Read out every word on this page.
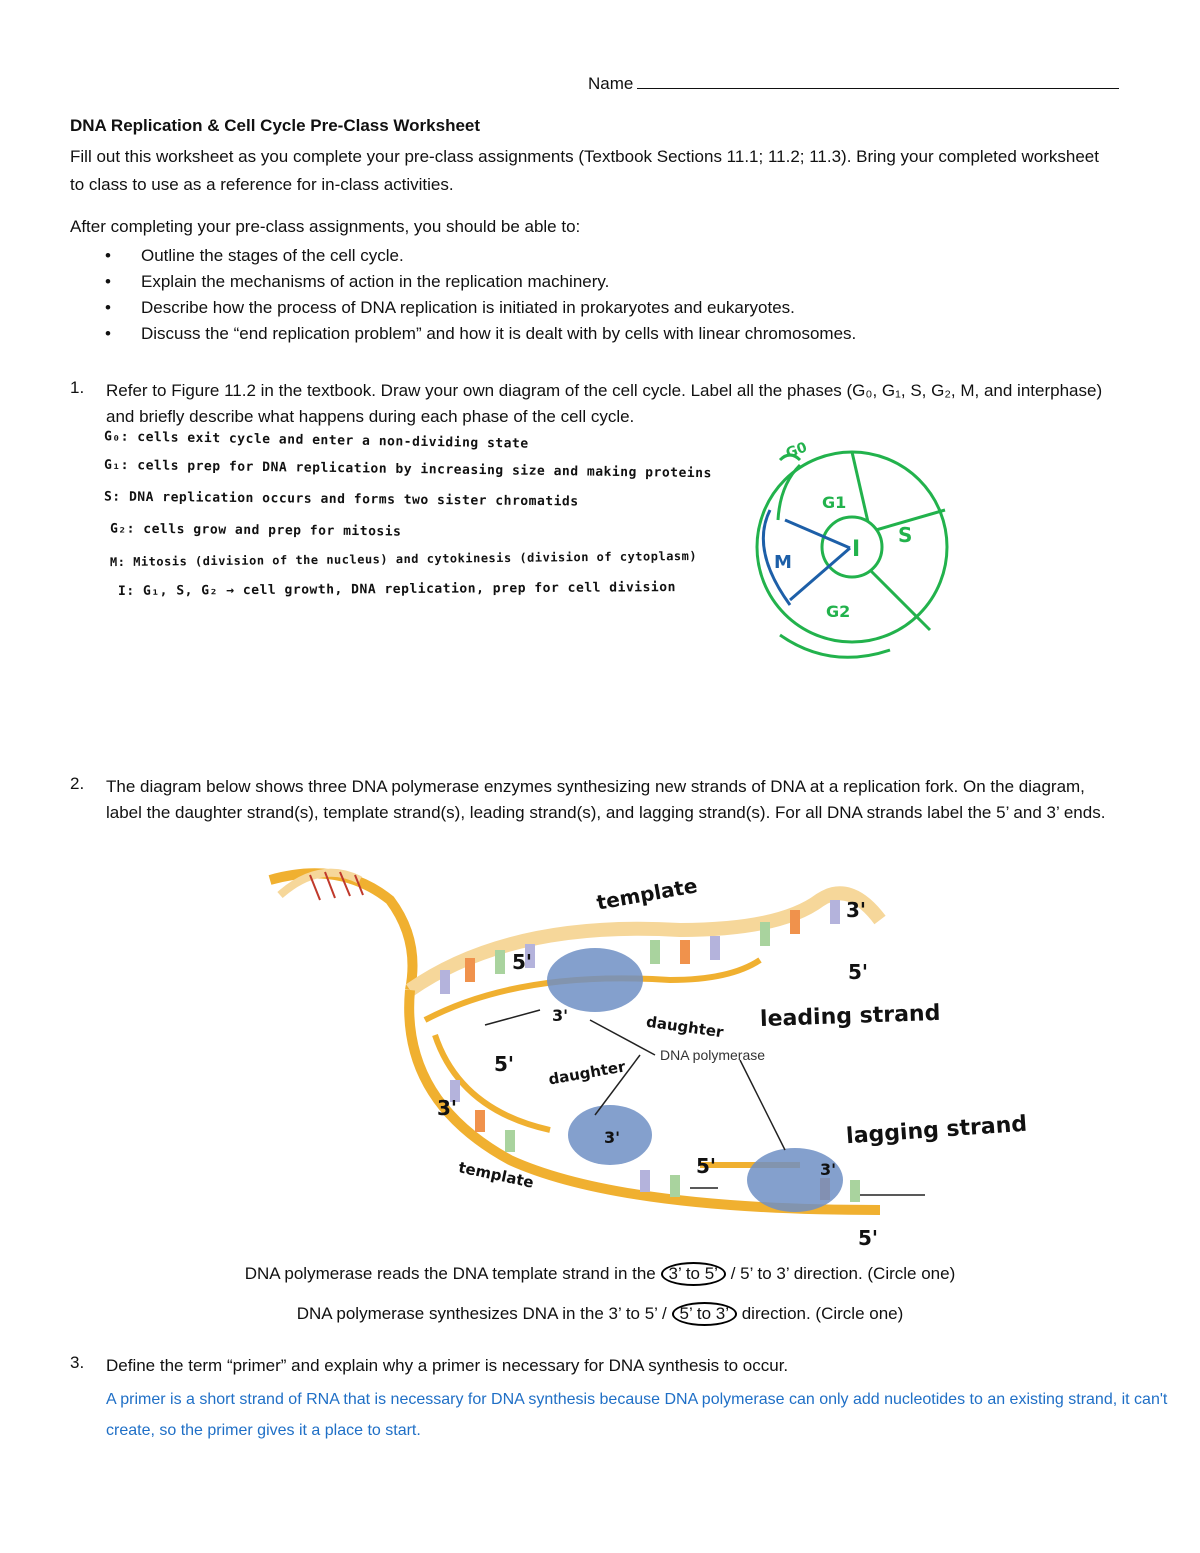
Name
DNA Replication & Cell Cycle Pre-Class Worksheet
Fill out this worksheet as you complete your pre-class assignments (Textbook Sections 11.1; 11.2; 11.3). Bring your completed worksheet to class to use as a reference for in-class activities.
After completing your pre-class assignments, you should be able to:
• Outline the stages of the cell cycle.
• Explain the mechanisms of action in the replication machinery.
• Describe how the process of DNA replication is initiated in prokaryotes and eukaryotes.
• Discuss the “end replication problem” and how it is dealt with by cells with linear chromosomes.
1. Refer to Figure 11.2 in the textbook. Draw your own diagram of the cell cycle. Label all the phases (G₀, G₁, S, G₂, M, and interphase) and briefly describe what happens during each phase of the cell cycle.
G₀: cells exit cycle and enter a non-dividing state
G₁: cells prep for DNA replication by increasing size and making proteins
S: DNA replication occurs and forms two sister chromatids
G₂: cells grow and prep for mitosis
M: Mitosis (division of the nucleus) and cytokinesis (division of cytoplasm)
I: G₁, S, G₂ → cell growth, DNA replication, prep for cell division
G0
G1
S
G2
M
I
2. The diagram below shows three DNA polymerase enzymes synthesizing new strands of DNA at a replication fork. On the diagram, label the daughter strand(s), template strand(s), leading strand(s), and lagging strand(s). For all DNA strands label the 5’ and 3’ ends.
DNA polymerase
template	3'
5'
5'
3'	daughter leading strand
5' daughter
3'
3'	lagging strand
template	5'	3'
5'
DNA polymerase reads the DNA template strand in the 3’ to 5’ / 5’ to 3’ direction. (Circle one)
DNA polymerase synthesizes DNA in the 3’ to 5’ / 5’ to 3’ direction. (Circle one)
3. Define the term “primer” and explain why a primer is necessary for DNA synthesis to occur.
A primer is a short strand of RNA that is necessary for DNA synthesis because DNA polymerase can only add nucleotides to an existing strand, it can't create, so the primer gives it a place to start.
